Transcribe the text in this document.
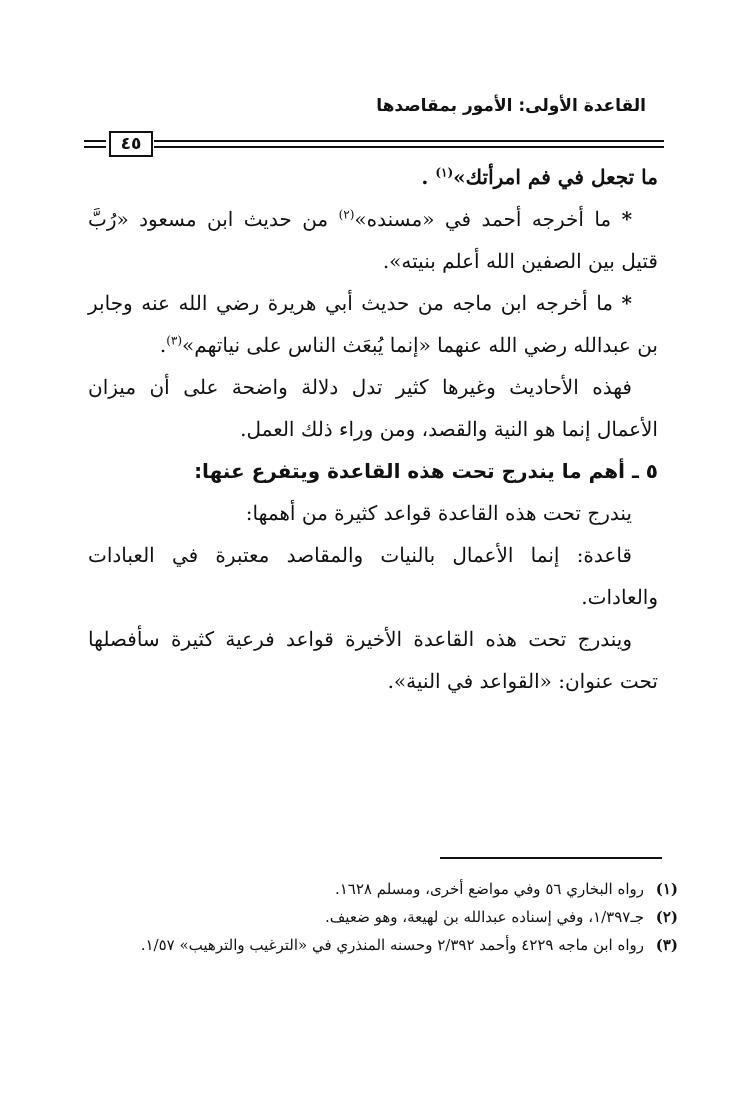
القاعدة الأولى: الأمور بمقاصدها
٤٥

ما تجعل في فم امرأتك»$^{(١)}$ .

* ما أخرجه أحمد في «مسنده»$^{(٢)}$ من حديث ابن مسعود «رُبَّ قتيل بين الصفين الله أعلم بنيته».

* ما أخرجه ابن ماجه من حديث أبي هريرة رضي الله عنه وجابر بن عبدالله رضي الله عنهما «إنما يُبعَث الناس على نياتهم»$^{(٣)}$.

فهذه الأحاديث وغيرها كثير تدل دلالة واضحة على أن ميزان الأعمال إنما هو النية والقصد، ومن وراء ذلك العمل.

٥ ـ أهم ما يندرج تحت هذه القاعدة ويتفرع عنها:

يندرج تحت هذه القاعدة قواعد كثيرة من أهمها:

قاعدة: إنما الأعمال بالنيات والمقاصد معتبرة في العبادات والعادات.

ويندرج تحت هذه القاعدة الأخيرة قواعد فرعية كثيرة سأفصلها تحت عنوان: «القواعد في النية».

(١)
رواه البخاري ٥٦ وفي مواضع أخرى، ومسلم ١٦٢٨.

(٢)
جـ١/٣٩٧، وفي إسناده عبدالله بن لهيعة، وهو ضعيف.

(٣)
رواه ابن ماجه ٤٢٢٩ وأحمد ٢/٣٩٢ وحسنه المنذري في «الترغيب والترهيب» ١/٥٧.
